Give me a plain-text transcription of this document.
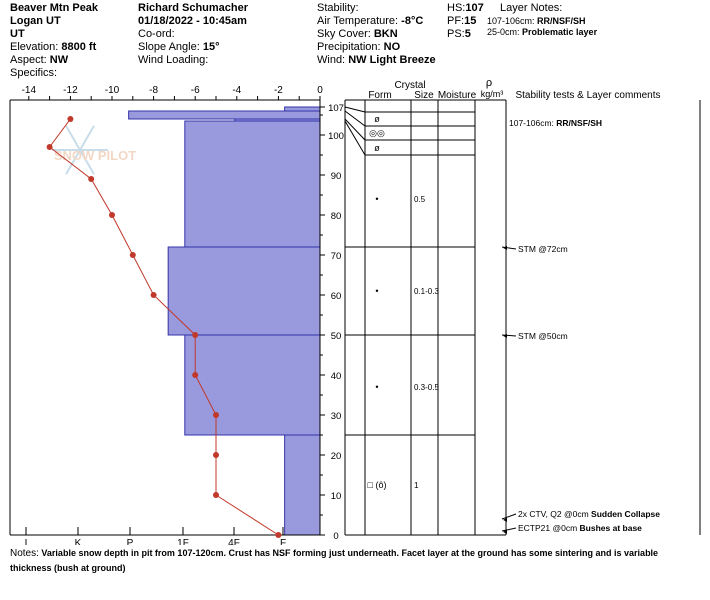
Beaver Mtn Peak
Logan UT
UT
Elevation: 8800 ft
Aspect: NW
Specifics:
Richard Schumacher
01/18/2022 - 10:45am
Co-ord:
Slope Angle: 15°
Wind Loading:
Stability:
Air Temperature: -8°C
Sky Cover: BKN
Precipitation: NO
Wind: NW Light Breeze
HS:107
PF:15
PS:5
Layer Notes:
107-106cm: RR/NSF/SH
25-0cm: Problematic layer
SNOW PILOT
-14	-12	-10	-8	-6	-4	-2	0
I	K	P	1F	4F	F
0
10
20
30
40
50
60
70
80
90
100
107
Crystal
Form Size Moisture
ρ
kg/m³ Stability tests & Layer comments
ø
◎◎
ø
•	0.5
•	0.1-0.3
•	0.3-0.5
□ (ô)	1
107-106cm: RR/NSF/SH
◂ STM @72cm
◂ STM @50cm
◂
2x CTV, Q2 @0cm Sudden Collapse
◂ ECTP21 @0cm Bushes at base
Notes: Variable snow depth in pit from 107-120cm. Crust has NSF forming just underneath. Facet layer at the ground has some sintering and is variable thickness (bush at ground)
